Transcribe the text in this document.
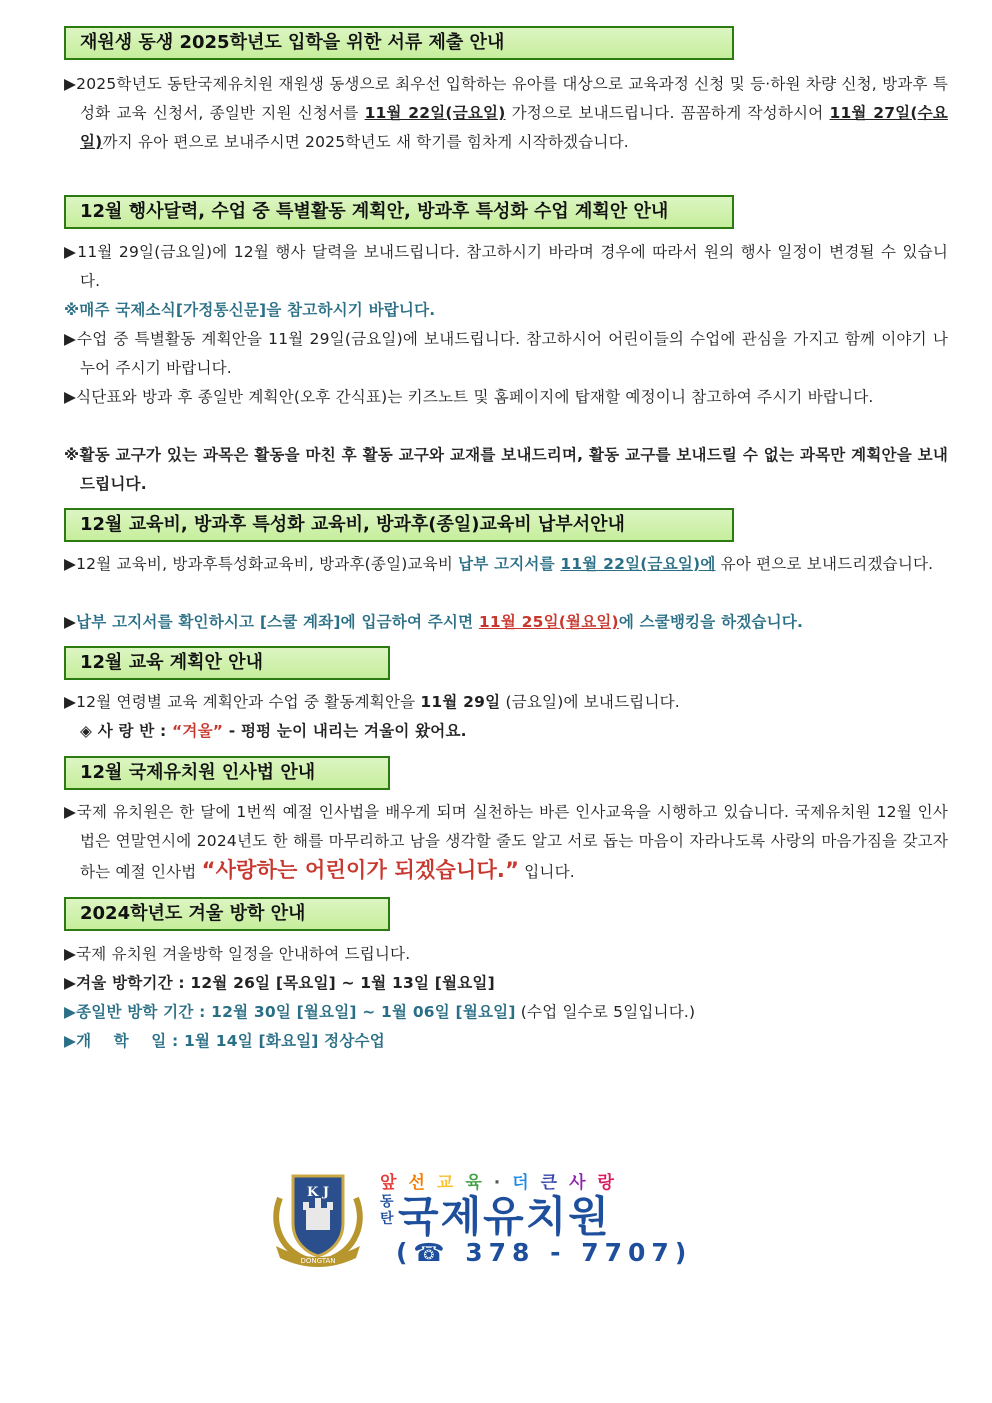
재원생 동생 2025학년도 입학을 위한 서류 제출 안내
▶2025학년도 동탄국제유치원 재원생 동생으로 최우선 입학하는 유아를 대상으로 교육과정 신청 및 등·하원 차량 신청, 방과후 특성화 교육 신청서, 종일반 지원 신청서를 11월 22일(금요일) 가정으로 보내드립니다. 꼼꼼하게 작성하시어 11월 27일(수요일)까지 유아 편으로 보내주시면 2025학년도 새 학기를 힘차게 시작하겠습니다.
12월 행사달력, 수업 중 특별활동 계획안, 방과후 특성화 수업 계획안 안내
▶11월 29일(금요일)에 12월 행사 달력을 보내드립니다. 참고하시기 바라며 경우에 따라서 원의 행사 일정이 변경될 수 있습니다.
※매주 국제소식[가정통신문]을 참고하시기 바랍니다.
▶수업 중 특별활동 계획안을 11월 29일(금요일)에 보내드립니다. 참고하시어 어린이들의 수업에 관심을 가지고 함께 이야기 나누어 주시기 바랍니다.
▶식단표와 방과 후 종일반 계획안(오후 간식표)는 키즈노트 및 홈페이지에 탑재할 예정이니 참고하여 주시기 바랍니다.
※활동 교구가 있는 과목은 활동을 마친 후 활동 교구와 교재를 보내드리며, 활동 교구를 보내드릴 수 없는 과목만 계획안을 보내드립니다.
12월 교육비, 방과후 특성화 교육비, 방과후(종일)교육비 납부서안내
▶12월 교육비, 방과후특성화교육비, 방과후(종일)교육비 납부 고지서를 11월 22일(금요일)에 유아 편으로 보내드리겠습니다.
▶납부 고지서를 확인하시고 [스쿨 계좌]에 입금하여 주시면 11월 25일(월요일)에 스쿨뱅킹을 하겠습니다.
12월 교육 계획안 안내
▶12월 연령별 교육 계획안과 수업 중 활동계획안을 11월 29일 (금요일)에 보내드립니다.
◈ 사 랑 반 : “겨울” - 펑펑 눈이 내리는 겨울이 왔어요.
12월 국제유치원 인사법 안내
▶국제 유치원은 한 달에 1번씩 예절 인사법을 배우게 되며 실천하는 바른 인사교육을 시행하고 있습니다. 국제유치원 12월 인사법은 연말연시에 2024년도 한 해를 마무리하고 남을 생각할 줄도 알고 서로 돕는 마음이 자라나도록 사랑의 마음가짐을 갖고자 하는 예절 인사법 “사랑하는 어린이가 되겠습니다.” 입니다.
2024학년도 겨울 방학 안내
▶국제 유치원 겨울방학 일정을 안내하여 드립니다.
▶겨울 방학기간 : 12월 26일 [목요일] ~ 1월 13일 [월요일]
▶종일반 방학 기간 : 12월 30일 [월요일] ~ 1월 06일 [월요일] (수업 일수로 5일입니다.)
▶개    학    일 : 1월 14일 [화요일] 정상수업
K J
DONGTAN
앞선교육·더큰사랑
동
탄 국제유치원
(☎ 378 - 7707)
